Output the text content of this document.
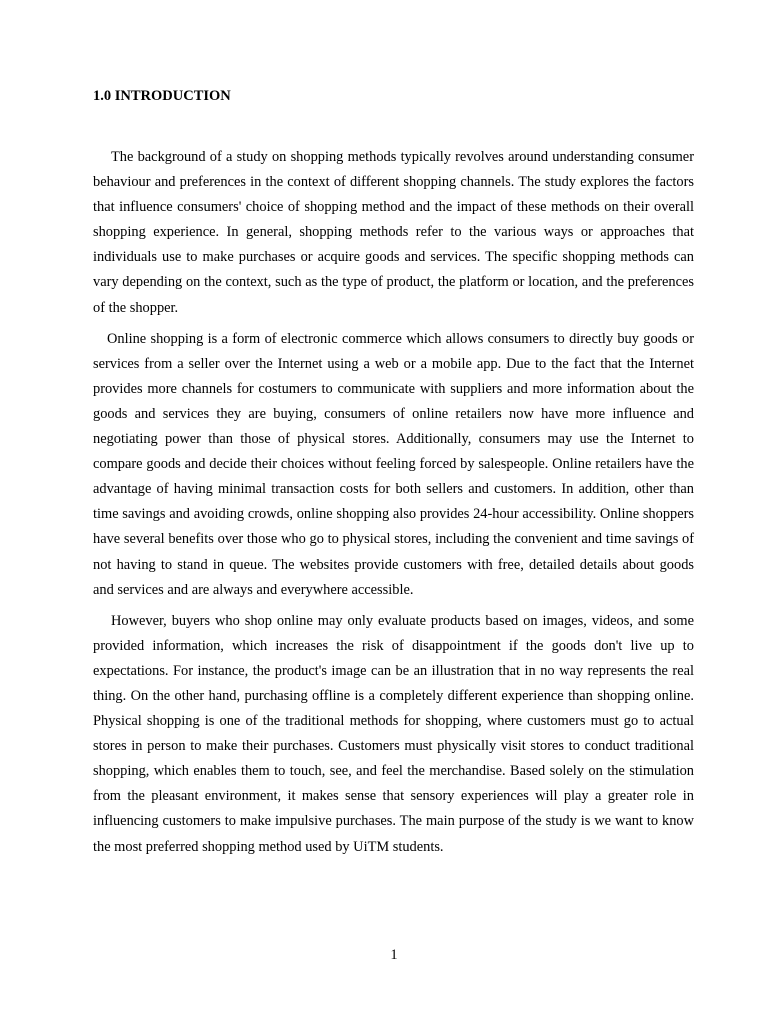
1.0 INTRODUCTION

The background of a study on shopping methods typically revolves around understanding consumer behaviour and preferences in the context of different shopping channels. The study explores the factors that influence consumers' choice of shopping method and the impact of these methods on their overall shopping experience. In general, shopping methods refer to the various ways or approaches that individuals use to make purchases or acquire goods and services. The specific shopping methods can vary depending on the context, such as the type of product, the platform or location, and the preferences of the shopper.

Online shopping is a form of electronic commerce which allows consumers to directly buy goods or services from a seller over the Internet using a web or a mobile app. Due to the fact that the Internet provides more channels for costumers to communicate with suppliers and more information about the goods and services they are buying, consumers of online retailers now have more influence and negotiating power than those of physical stores. Additionally, consumers may use the Internet to compare goods and decide their choices without feeling forced by salespeople. Online retailers have the advantage of having minimal transaction costs for both sellers and customers. In addition, other than time savings and avoiding crowds, online shopping also provides 24-hour accessibility. Online shoppers have several benefits over those who go to physical stores, including the convenient and time savings of not having to stand in queue. The websites provide customers with free, detailed details about goods and services and are always and everywhere accessible.

However, buyers who shop online may only evaluate products based on images, videos, and some provided information, which increases the risk of disappointment if the goods don't live up to expectations. For instance, the product's image can be an illustration that in no way represents the real thing. On the other hand, purchasing offline is a completely different experience than shopping online. Physical shopping is one of the traditional methods for shopping, where customers must go to actual stores in person to make their purchases. Customers must physically visit stores to conduct traditional shopping, which enables them to touch, see, and feel the merchandise. Based solely on the stimulation from the pleasant environment, it makes sense that sensory experiences will play a greater role in influencing customers to make impulsive purchases. The main purpose of the study is we want to know the most preferred shopping method used by UiTM students.

1
